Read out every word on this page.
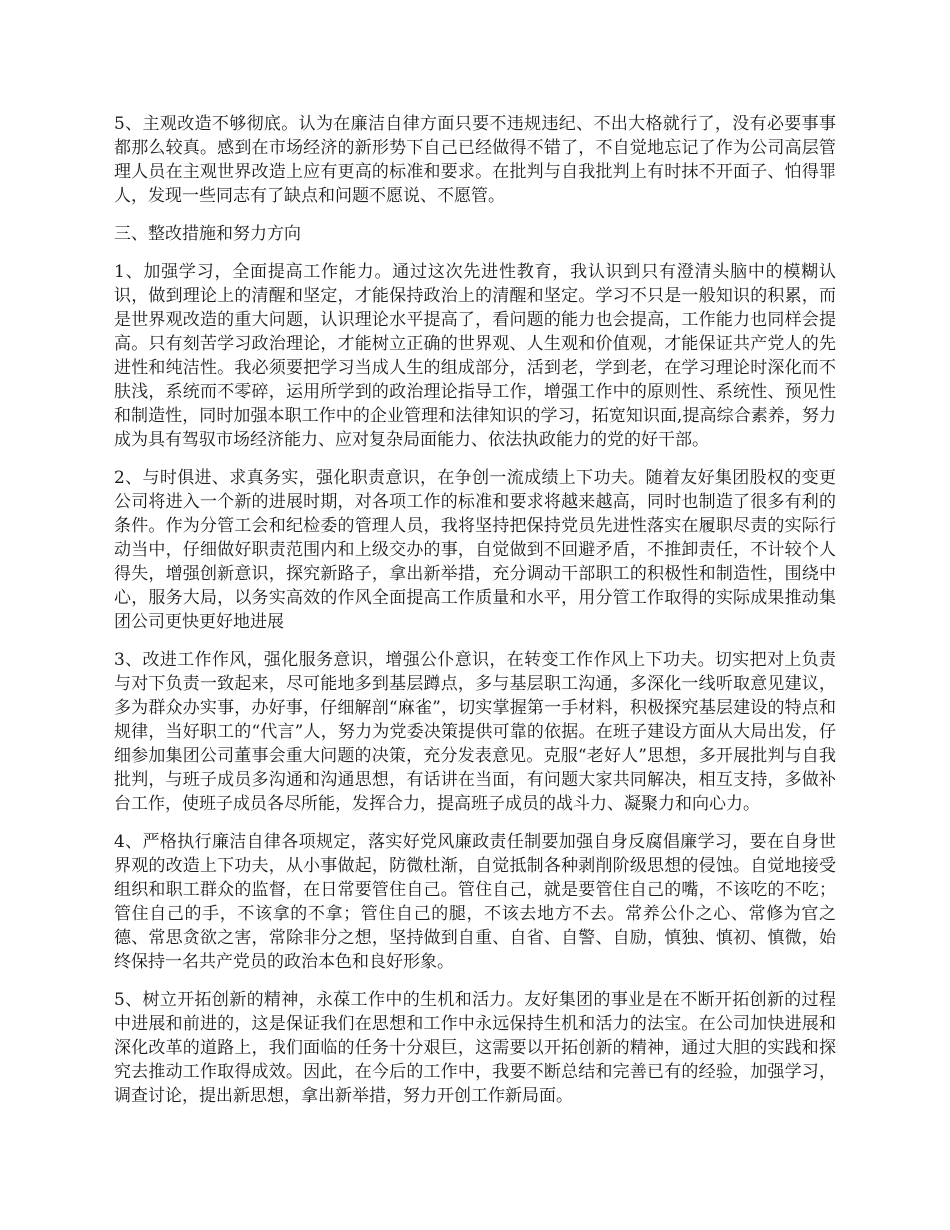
5、主观改造不够彻底。认为在廉洁自律方面只要不违规违纪、不出大格就行了，没有必要事事都那么较真。感到在市场经济的新形势下自己已经做得不错了，不自觉地忘记了作为公司高层管理人员在主观世界改造上应有更高的标准和要求。在批判与自我批判上有时抹不开面子、怕得罪人，发现一些同志有了缺点和问题不愿说、不愿管。

三、整改措施和努力方向

1、加强学习，全面提高工作能力。通过这次先进性教育，我认识到只有澄清头脑中的模糊认识，做到理论上的清醒和坚定，才能保持政治上的清醒和坚定。学习不只是一般知识的积累，而是世界观改造的重大问题，认识理论水平提高了，看问题的能力也会提高，工作能力也同样会提高。只有刻苦学习政治理论，才能树立正确的世界观、人生观和价值观，才能保证共产党人的先进性和纯洁性。我必须要把学习当成人生的组成部分，活到老，学到老，在学习理论时深化而不肤浅，系统而不零碎，运用所学到的政治理论指导工作，增强工作中的原则性、系统性、预见性和制造性，同时加强本职工作中的企业管理和法律知识的学习，拓宽知识面,提高综合素养，努力成为具有驾驭市场经济能力、应对复杂局面能力、依法执政能力的党的好干部。

2、与时俱进、求真务实，强化职责意识，在争创一流成绩上下功夫。随着友好集团股权的变更公司将进入一个新的进展时期，对各项工作的标准和要求将越来越高，同时也制造了很多有利的条件。作为分管工会和纪检委的管理人员，我将坚持把保持党员先进性落实在履职尽责的实际行动当中，仔细做好职责范围内和上级交办的事，自觉做到不回避矛盾，不推卸责任，不计较个人得失，增强创新意识，探究新路子，拿出新举措，充分调动干部职工的积极性和制造性，围绕中心，服务大局，以务实高效的作风全面提高工作质量和水平，用分管工作取得的实际成果推动集团公司更快更好地进展

3、改进工作作风，强化服务意识，增强公仆意识，在转变工作作风上下功夫。切实把对上负责与对下负责一致起来，尽可能地多到基层蹲点，多与基层职工沟通，多深化一线听取意见建议，多为群众办实事，办好事，仔细解剖“麻雀”，切实掌握第一手材料，积极探究基层建设的特点和规律，当好职工的“代言”人，努力为党委决策提供可靠的依据。在班子建设方面从大局出发，仔细参加集团公司董事会重大问题的决策，充分发表意见。克服“老好人”思想，多开展批判与自我批判，与班子成员多沟通和沟通思想，有话讲在当面，有问题大家共同解决，相互支持，多做补台工作，使班子成员各尽所能，发挥合力，提高班子成员的战斗力、凝聚力和向心力。

4、严格执行廉洁自律各项规定，落实好党风廉政责任制要加强自身反腐倡廉学习，要在自身世界观的改造上下功夫，从小事做起，防微杜渐，自觉抵制各种剥削阶级思想的侵蚀。自觉地接受组织和职工群众的监督，在日常要管住自己。管住自己，就是要管住自己的嘴，不该吃的不吃；管住自己的手，不该拿的不拿；管住自己的腿，不该去地方不去。常养公仆之心、常修为官之德、常思贪欲之害，常除非分之想，坚持做到自重、自省、自警、自励，慎独、慎初、慎微，始终保持一名共产党员的政治本色和良好形象。

5、树立开拓创新的精神，永葆工作中的生机和活力。友好集团的事业是在不断开拓创新的过程中进展和前进的，这是保证我们在思想和工作中永远保持生机和活力的法宝。在公司加快进展和深化改革的道路上，我们面临的任务十分艰巨，这需要以开拓创新的精神，通过大胆的实践和探究去推动工作取得成效。因此，在今后的工作中，我要不断总结和完善已有的经验，加强学习，调查讨论，提出新思想，拿出新举措，努力开创工作新局面。
